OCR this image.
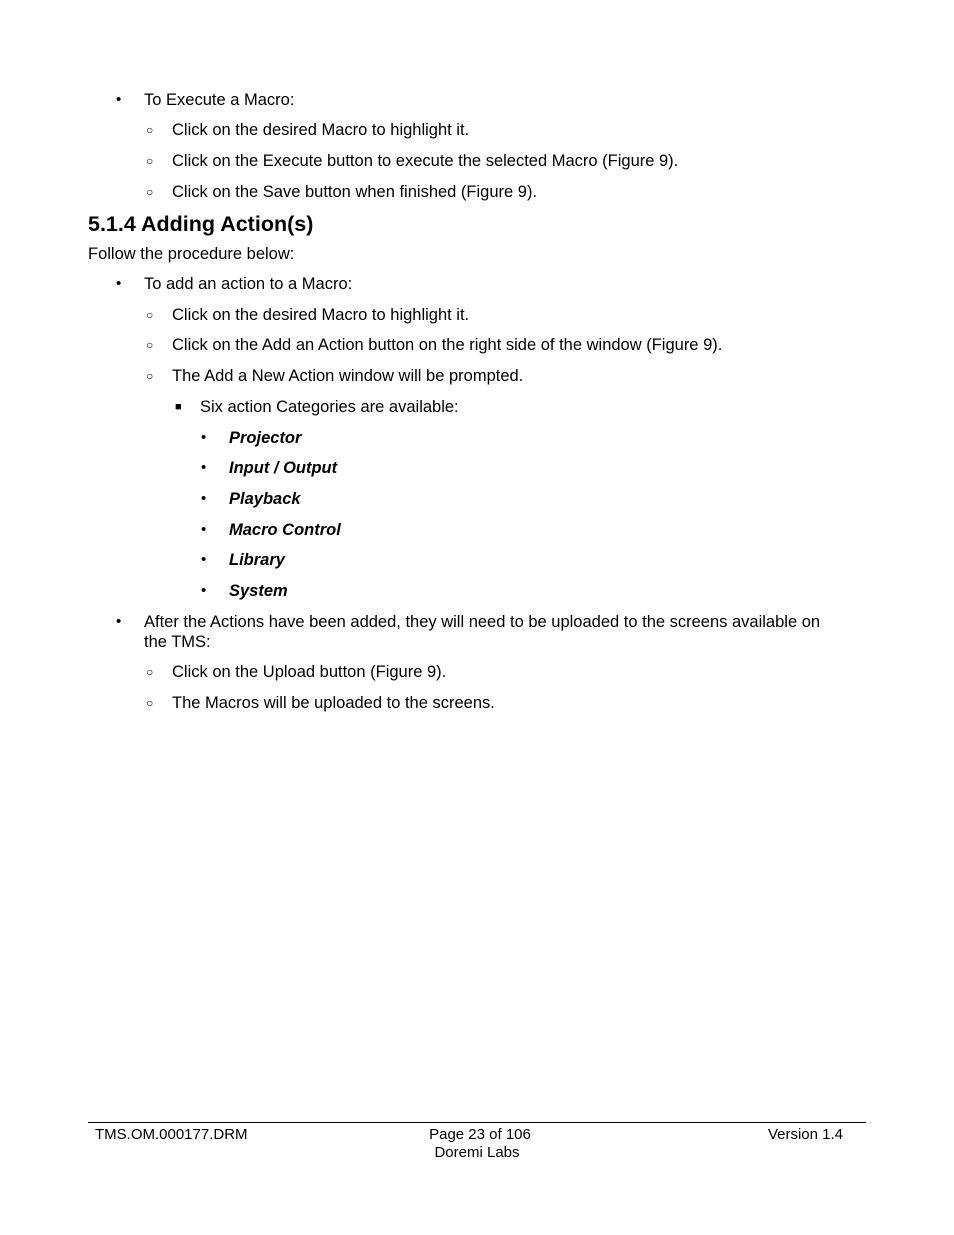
• To Execute a Macro:
○ Click on the desired Macro to highlight it.
○ Click on the Execute button to execute the selected Macro (Figure 9).
○ Click on the Save button when finished (Figure 9).
5.1.4 Adding Action(s)
Follow the procedure below:
• To add an action to a Macro:
○ Click on the desired Macro to highlight it.
○ Click on the Add an Action button on the right side of the window (Figure 9).
○ The Add a New Action window will be prompted.
■ Six action Categories are available:
• Projector
• Input / Output
• Playback
• Macro Control
• Library
• System
• After the Actions have been added, they will need to be uploaded to the screens available on
the TMS:
○ Click on the Upload button (Figure 9).
○ The Macros will be uploaded to the screens.
TMS.OM.000177.DRM	Page 23 of 106
Doremi Labs
Version 1.4
